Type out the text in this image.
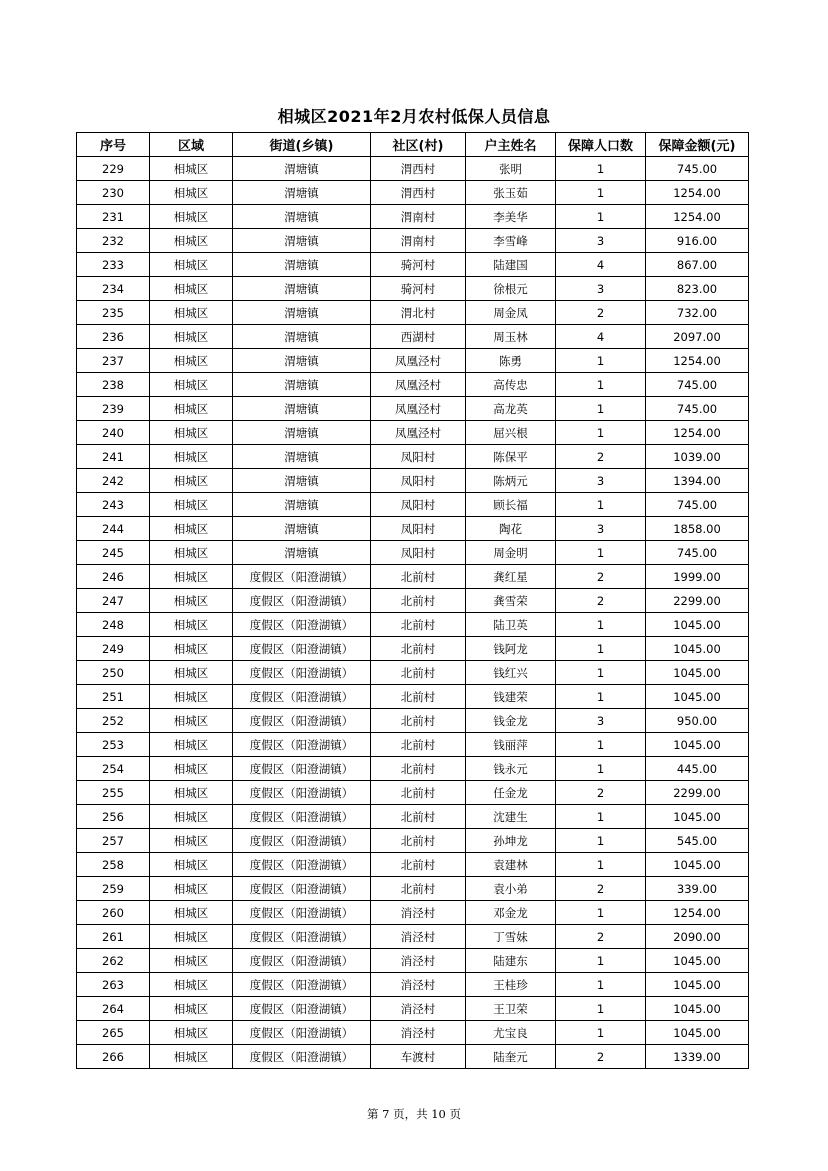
相城区2021年2月农村低保人员信息
序号	区域	街道(乡镇)	社区(村)	户主姓名	保障人口数	保障金额(元)
229	相城区	渭塘镇	渭西村	张明	1	745.00
230	相城区	渭塘镇	渭西村	张玉茹	1	1254.00
231	相城区	渭塘镇	渭南村	李美华	1	1254.00
232	相城区	渭塘镇	渭南村	李雪峰	3	916.00
233	相城区	渭塘镇	骑河村	陆建国	4	867.00
234	相城区	渭塘镇	骑河村	徐根元	3	823.00
235	相城区	渭塘镇	渭北村	周金凤	2	732.00
236	相城区	渭塘镇	西湖村	周玉林	4	2097.00
237	相城区	渭塘镇	凤凰泾村	陈勇	1	1254.00
238	相城区	渭塘镇	凤凰泾村	高传忠	1	745.00
239	相城区	渭塘镇	凤凰泾村	高龙英	1	745.00
240	相城区	渭塘镇	凤凰泾村	屈兴根	1	1254.00
241	相城区	渭塘镇	凤阳村	陈保平	2	1039.00
242	相城区	渭塘镇	凤阳村	陈炳元	3	1394.00
243	相城区	渭塘镇	凤阳村	顾长福	1	745.00
244	相城区	渭塘镇	凤阳村	陶花	3	1858.00
245	相城区	渭塘镇	凤阳村	周金明	1	745.00
246	相城区	度假区（阳澄湖镇）	北前村	龚红星	2	1999.00
247	相城区	度假区（阳澄湖镇）	北前村	龚雪荣	2	2299.00
248	相城区	度假区（阳澄湖镇）	北前村	陆卫英	1	1045.00
249	相城区	度假区（阳澄湖镇）	北前村	钱阿龙	1	1045.00
250	相城区	度假区（阳澄湖镇）	北前村	钱红兴	1	1045.00
251	相城区	度假区（阳澄湖镇）	北前村	钱建荣	1	1045.00
252	相城区	度假区（阳澄湖镇）	北前村	钱金龙	3	950.00
253	相城区	度假区（阳澄湖镇）	北前村	钱丽萍	1	1045.00
254	相城区	度假区（阳澄湖镇）	北前村	钱永元	1	445.00
255	相城区	度假区（阳澄湖镇）	北前村	任金龙	2	2299.00
256	相城区	度假区（阳澄湖镇）	北前村	沈建生	1	1045.00
257	相城区	度假区（阳澄湖镇）	北前村	孙坤龙	1	545.00
258	相城区	度假区（阳澄湖镇）	北前村	袁建林	1	1045.00
259	相城区	度假区（阳澄湖镇）	北前村	袁小弟	2	339.00
260	相城区	度假区（阳澄湖镇）	消泾村	邓金龙	1	1254.00
261	相城区	度假区（阳澄湖镇）	消泾村	丁雪妹	2	2090.00
262	相城区	度假区（阳澄湖镇）	消泾村	陆建东	1	1045.00
263	相城区	度假区（阳澄湖镇）	消泾村	王桂珍	1	1045.00
264	相城区	度假区（阳澄湖镇）	消泾村	王卫荣	1	1045.00
265	相城区	度假区（阳澄湖镇）	消泾村	尤宝良	1	1045.00
266	相城区	度假区（阳澄湖镇）	车渡村	陆奎元	2	1339.00
第 7 页，共 10 页
